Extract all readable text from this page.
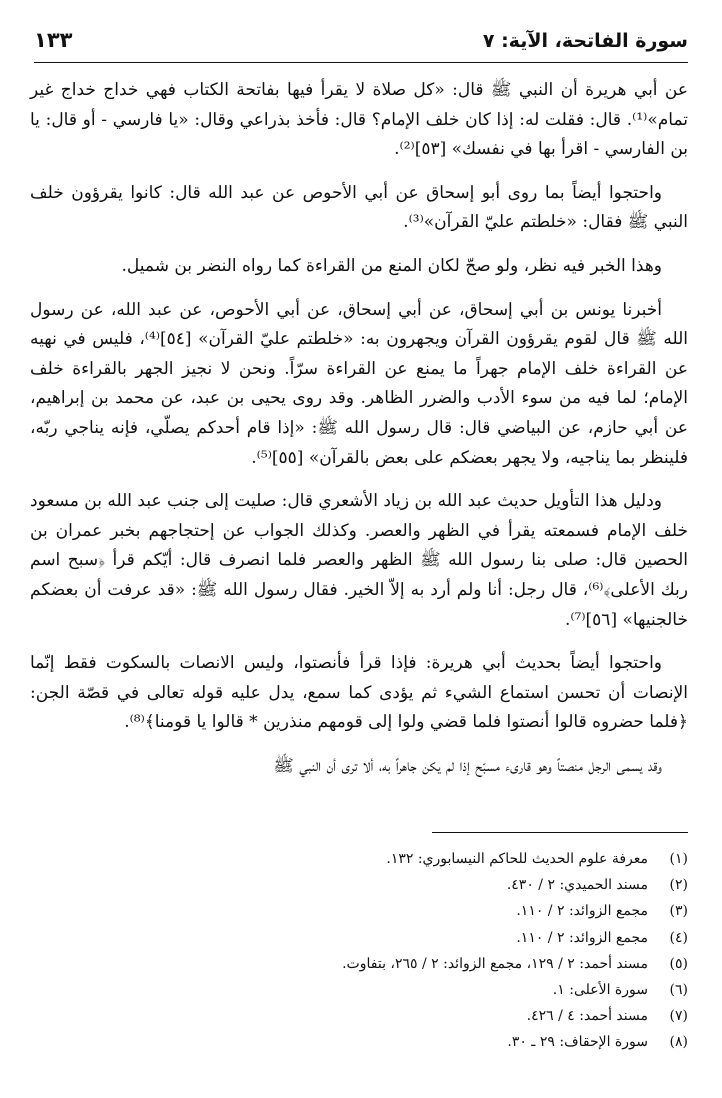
سورة الفاتحة، الآية: ٧
١٣٣

عن أبي هريرة أن النبي ﷺ قال: «كل صلاة لا يقرأ فيها بفاتحة الكتاب فهي خداج خداج غير تمام»⁽¹⁾. قال: فقلت له: إذا كان خلف الإمام؟ قال: فأخذ بذراعي وقال: «يا فارسي - أو قال: يا بن الفارسي - اقرأ بها في نفسك» [٥٣]⁽²⁾.

واحتجوا أيضاً بما روى أبو إسحاق عن أبي الأحوص عن عبد الله قال: كانوا يقرؤون خلف النبي ﷺ فقال: «خلطتم عليّ القرآن»⁽³⁾.

وهذا الخبر فيه نظر، ولو صحّ لكان المنع من القراءة كما رواه النضر بن شميل.

أخبرنا يونس بن أبي إسحاق، عن أبي إسحاق، عن أبي الأحوص، عن عبد الله، عن رسول الله ﷺ قال لقوم يقرؤون القرآن ويجهرون به: «خلطتم عليّ القرآن» [٥٤]⁽⁴⁾، فليس في نهيه عن القراءة خلف الإمام جهراً ما يمنع عن القراءة سرّاً. ونحن لا نجيز الجهر بالقراءة خلف الإمام؛ لما فيه من سوء الأدب والضرر الظاهر. وقد روى يحيى بن عبد، عن محمد بن إبراهيم، عن أبي حازم، عن البياضي قال: قال رسول الله ﷺ: «إذا قام أحدكم يصلّي، فإنه يناجي ربّه، فلينظر بما يناجيه، ولا يجهر بعضكم على بعض بالقرآن» [٥٥]⁽⁵⁾.

ودليل هذا التأويل حديث عبد الله بن زياد الأشعري قال: صليت إلى جنب عبد الله بن مسعود خلف الإمام فسمعته يقرأ في الظهر والعصر. وكذلك الجواب عن إحتجاجهم بخبر عمران بن الحصين قال: صلى بنا رسول الله ﷺ الظهر والعصر فلما انصرف قال: أيّكم قرأ ﴿سبح اسم ربك الأعلى﴾⁽⁶⁾، قال رجل: أنا ولم أرد به إلاّ الخير. فقال رسول الله ﷺ: «قد عرفت أن بعضكم خالجنيها» [٥٦]⁽⁷⁾.

واحتجوا أيضاً بحديث أبي هريرة: فإذا قرأ فأنصتوا، وليس الانصات بالسكوت فقط إنّما الإنصات أن تحسن استماع الشيء ثم يؤدى كما سمع، يدل عليه قوله تعالى في قصّة الجن: ﴿فلما حضروه قالوا أنصتوا فلما قضي ولوا إلى قومهم منذرين * قالوا يا قومنا﴾⁽⁸⁾.

وقد يسمى الرجل منصتاً وهو قارىء مسبّح إذا لم يكن جاهراً به، ألا ترى أن النبي ﷺ

(١)
معرفة علوم الحديث للحاكم النيسابوري: ١٣٢.
(٢)
مسند الحميدي: ٢ / ٤٣٠.
(٣)
مجمع الزوائد: ٢ / ١١٠.
(٤)
مجمع الزوائد: ٢ / ١١٠.
(٥)
مسند أحمد: ٢ / ١٢٩، مجمع الزوائد: ٢ / ٢٦٥، بتفاوت.
(٦)
سورة الأعلى: ١.
(٧)
مسند أحمد: ٤ / ٤٢٦.
(٨)
سورة الإحقاف: ٢٩ ـ ٣٠.
